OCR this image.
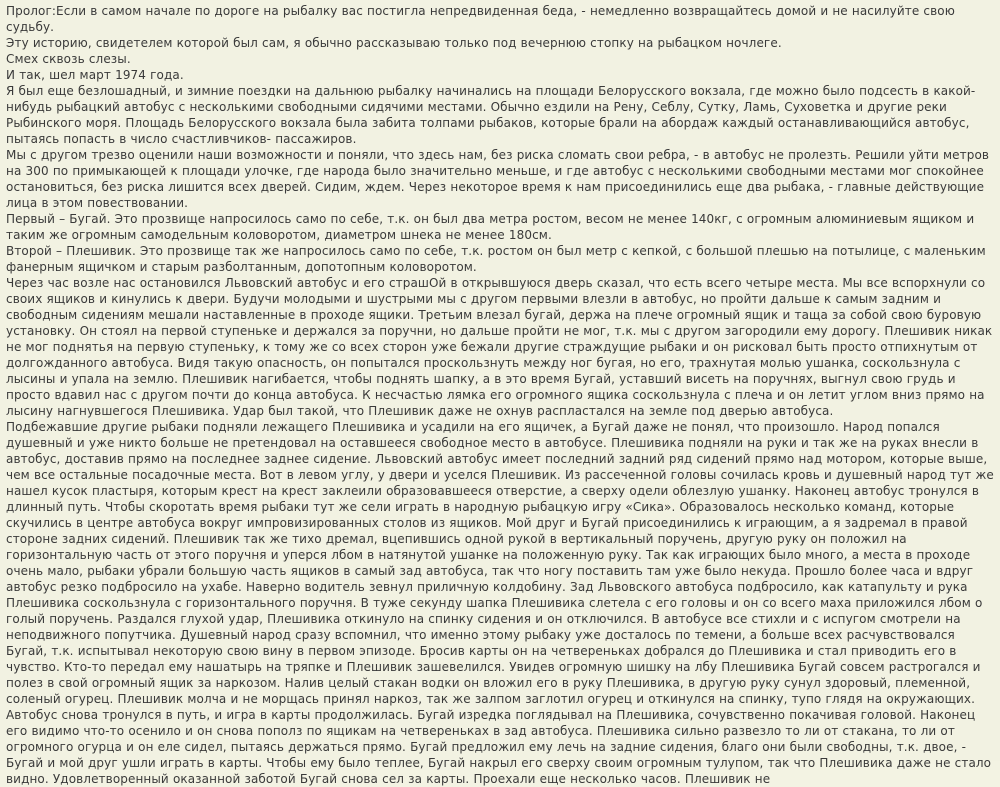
Пролог:Если в самом начале по дороге на рыбалку вас постигла непредвиденная беда, - немедленно возвращайтесь домой и не насилуйте свою судьбу.

Эту историю, свидетелем которой был сам, я обычно рассказываю только под вечернюю стопку на рыбацком ночлеге.

Смех сквозь слезы.

И так, шел март 1974 года.

Я был еще безлошадный, и зимние поездки на дальнюю рыбалку начинались на площади Белорусского вокзала, где можно было подсесть в какой-нибудь рыбацкий автобус с несколькими свободными сидячими местами. Обычно ездили на Рену, Себлу, Сутку, Ламь, Суховетка и другие реки Рыбинского моря. Площадь Белорусского вокзала была забита толпами рыбаков, которые брали на абордаж каждый останавливающийся автобус, пытаясь попасть в число счастливчиков- пассажиров.

Мы с другом трезво оценили наши возможности и поняли, что здесь нам, без риска сломать свои ребра, - в автобус не пролезть. Решили уйти метров на 300 по примыкающей к площади улочке, где народа было значительно меньше, и где автобус с несколькими свободными местами мог спокойнее остановиться, без риска лишится всех дверей. Сидим, ждем. Через некоторое время к нам присоединились еще два рыбака, - главные действующие лица в этом повествовании.

Первый – Бугай. Это прозвище напросилось само по себе, т.к. он был два метра ростом, весом не менее 140кг, с огромным алюминиевым ящиком и таким же огромным самодельным коловоротом, диаметром шнека не менее 180см.

Второй – Плешивик. Это прозвище так же напросилось само по себе, т.к. ростом он был метр с кепкой, с большой плешью на потылице, с маленьким фанерным ящичком и старым разболтанным, допотопным коловоротом.

Через час возле нас остановился Львовский автобус и его страшОй в открывшуюся дверь сказал, что есть всего четыре места. Мы все вспорхнули со своих ящиков и кинулись к двери. Будучи молодыми и шустрыми мы с другом первыми влезли в автобус, но пройти дальше к самым задним и свободным сидениям мешали наставленные в проходе ящики. Третьим влезал бугай, держа на плече огромный ящик и таща за собой свою буровую установку. Он стоял на первой ступеньке и держался за поручни, но дальше пройти не мог, т.к. мы с другом загородили ему дорогу. Плешивик никак не мог поднятья на первую ступеньку, к тому же со всех сторон уже бежали другие страждущие рыбаки и он рисковал быть просто отпихнутым от долгожданного автобуса. Видя такую опасность, он попытался проскользнуть между ног бугая, но его, трахнутая молью ушанка, соскользнула с лысины и упала на землю. Плешивик нагибается, чтобы поднять шапку, а в это время Бугай, уставший висеть на поручнях, выгнул свою грудь и просто вдавил нас с другом почти до конца автобуса. К несчастью лямка его огромного ящика соскользнула с плеча и он летит углом вниз прямо на лысину нагнувшегося Плешивика. Удар был такой, что Плешивик даже не охнув распластался на земле под дверью автобуса.

Подбежавшие другие рыбаки подняли лежащего Плешивика и усадили на его ящичек, а Бугай даже не понял, что произошло. Народ попался душевный и уже никто больше не претендовал на оставшееся свободное место в автобусе. Плешивика подняли на руки и так же на руках внесли в автобус, доставив прямо на последнее заднее сидение. Львовский автобус имеет последний задний ряд сидений прямо над мотором, которые выше, чем все остальные посадочные места. Вот в левом углу, у двери и уселся Плешивик. Из рассеченной головы сочилась кровь и душевный народ тут же нашел кусок пластыря, которым крест на крест заклеили образовавшееся отверстие, а сверху одели облезлую ушанку. Наконец автобус тронулся в длинный путь. Чтобы скоротать время рыбаки тут же сели играть в народную рыбацкую игру «Сика». Образовалось несколько команд, которые скучились в центре автобуса вокруг импровизированных столов из ящиков. Мой друг и Бугай присоединились к играющим, а я задремал в правой стороне задних сидений. Плешивик так же тихо дремал, вцепившись одной рукой в вертикальный поручень, другую руку он положил на горизонтальную часть от этого поручня и уперся лбом в натянутой ушанке на положенную руку. Так как играющих было много, а места в проходе очень мало, рыбаки убрали большую часть ящиков в самый зад автобуса, так что ногу поставить там уже было некуда. Прошло более часа и вдруг автобус резко подбросило на ухабе. Наверно водитель зевнул приличную колдобину. Зад Львовского автобуса подбросило, как катапульту и рука Плешивика соскользнула с горизонтального поручня. В туже секунду шапка Плешивика слетела с его головы и он со всего маха приложился лбом о голый поручень. Раздался глухой удар, Плешивика откинуло на спинку сидения и он отключился. В автобусе все стихли и с испугом смотрели на неподвижного попутчика. Душевный народ сразу вспомнил, что именно этому рыбаку уже досталось по темени, а больше всех расчувствовался Бугай, т.к. испытывал некоторую свою вину в первом эпизоде. Бросив карты он на четвереньках добрался до Плешивика и стал приводить его в чувство. Кто-то передал ему нашатырь на тряпке и Плешивик зашевелился. Увидев огромную шишку на лбу Плешивика Бугай совсем растрогался и полез в свой огромный ящик за наркозом. Налив целый стакан водки он вложил его в руку Плешивика, в другую руку сунул здоровый, племенной, соленый огурец. Плешивик молча и не морщась принял наркоз, так же залпом заглотил огурец и откинулся на спинку, тупо глядя на окружающих. Автобус снова тронулся в путь, и игра в карты продолжилась. Бугай изредка поглядывал на Плешивика, сочувственно покачивая головой. Наконец его видимо что-то осенило и он снова пополз по ящикам на четвереньках в зад автобуса. Плешивика сильно развезло то ли от стакана, то ли от огромного огурца и он еле сидел, пытаясь держаться прямо. Бугай предложил ему лечь на задние сидения, благо они были свободны, т.к. двое, - Бугай и мой друг ушли играть в карты. Чтобы ему было теплее, Бугай накрыл его сверху своим огромным тулупом, так что Плешивика даже не стало видно. Удовлетворенный оказанной заботой Бугай снова сел за карты. Проехали еще несколько часов. Плешивик не
